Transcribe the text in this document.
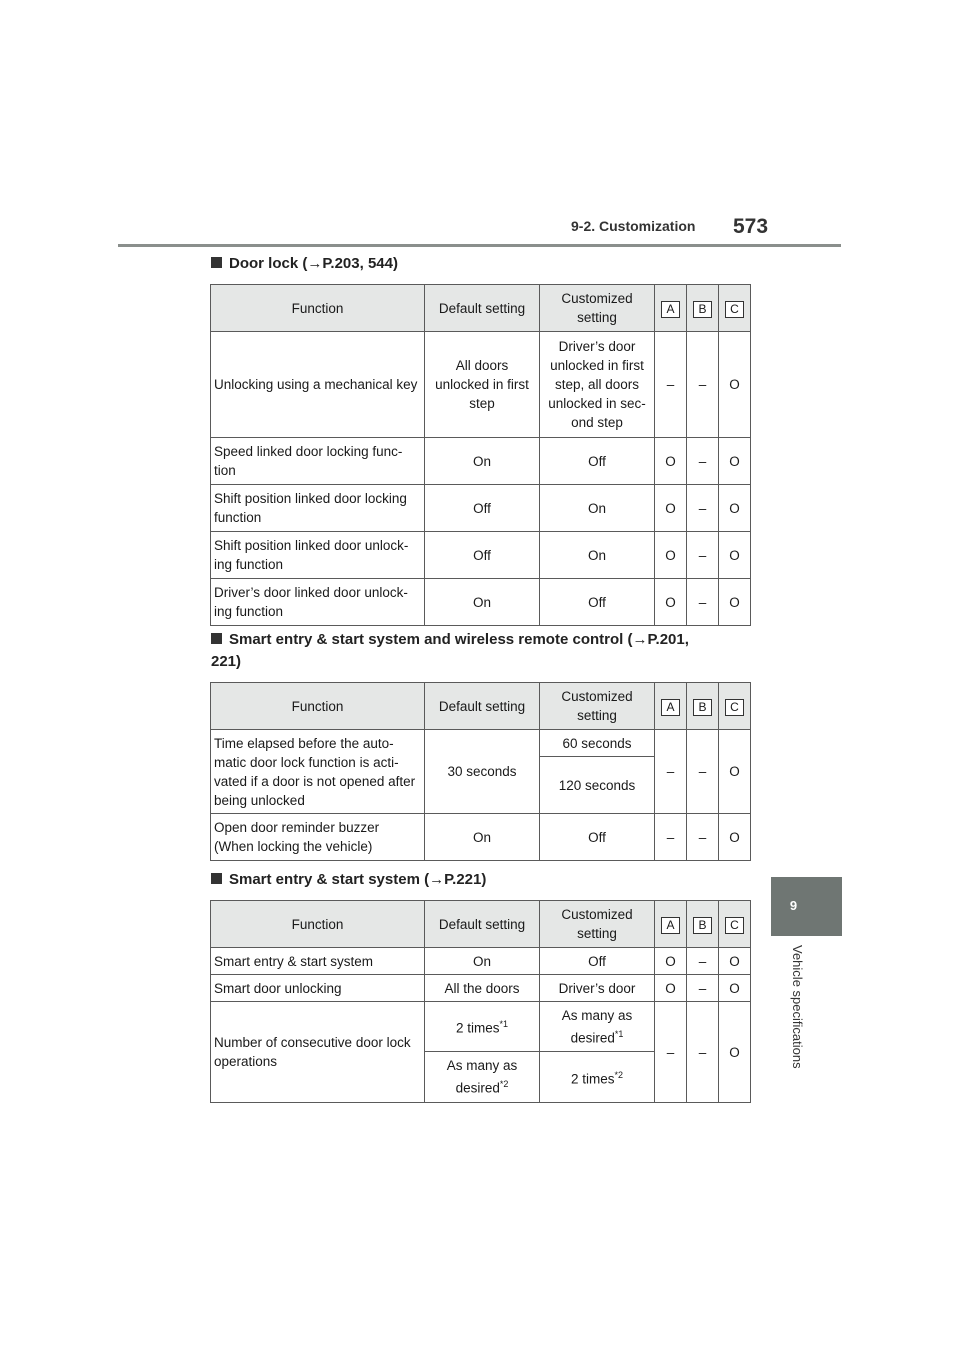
9-2. Customization 573
9
Vehicle specifications
Door lock (→P.203, 544)
Function	Default setting	Customized setting	A	B	C
Unlocking using a mechanical key	All doors unlocked in first step	Driver’s door unlocked in first step, all doors unlocked in sec- ond step	–	–	O
Speed linked door locking func- tion	On	Off	O	–	O
Shift position linked door locking function	Off	On	O	–	O
Shift position linked door unlock- ing function	Off	On	O	–	O
Driver’s door linked door unlock- ing function	On	Off	O	–	O
Smart entry & start system and wireless remote control (→P.201,
221)
Function	Default setting	Customized setting	A	B	C
Time elapsed before the auto- matic door lock function is acti- vated if a door is not opened after being unlocked	30 seconds	60 seconds	–	–	O
		120 seconds			
Open door reminder buzzer (When locking the vehicle)	On	Off	–	–	O
Smart entry & start system (→P.221)
Function	Default setting	Customized setting	A	B	C
Smart entry & start system	On	Off	O	–	O
Smart door unlocking	All the doors	Driver’s door	O	–	O
Number of consecutive door lock operations	2 times$^{*1}$	As many as desired$^{*1}$	–	–	O
	As many as desired$^{*2}$	2 times$^{*2}$
